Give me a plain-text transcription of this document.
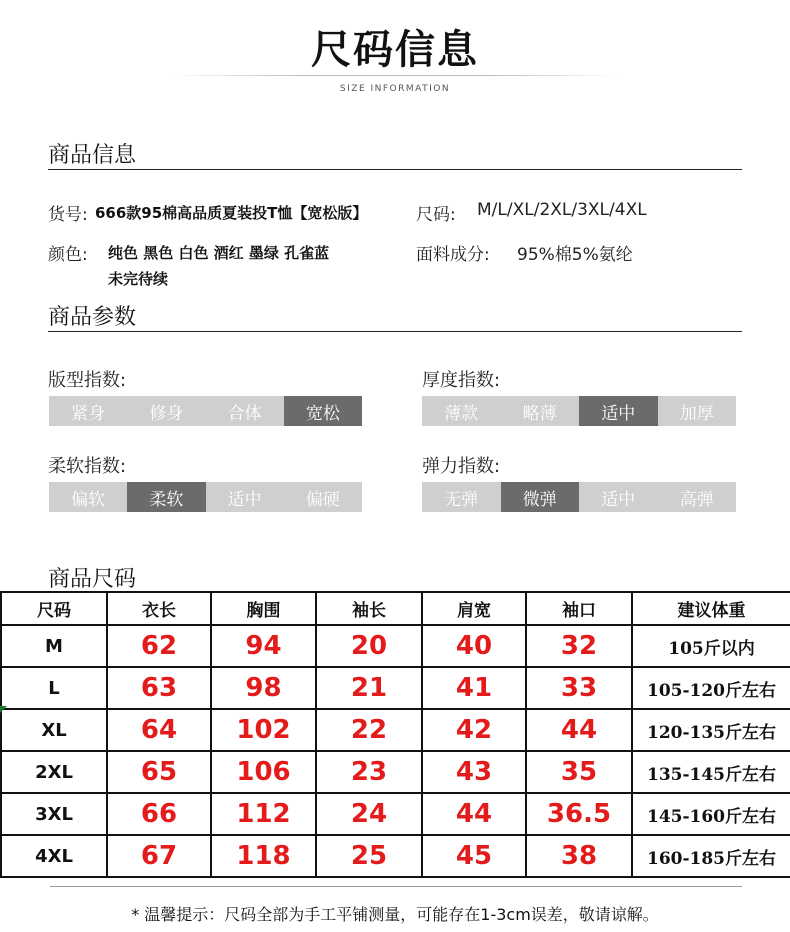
尺码信息
SIZE INFORMATION
商品信息
货号: 666款95棉高品质夏装投T恤【宽松版】	尺码: M/L/XL/2XL/3XL/4XL
颜色: 纯色 黑色 白色 酒红 墨绿 孔雀蓝
未完待续
面料成分: 95%棉5%氨纶
商品参数
版型指数:
紧身	修身	合体	宽松
厚度指数:
薄款	略薄	适中	加厚
柔软指数:
偏软	柔软	适中	偏硬
弹力指数:
无弹	微弹	适中	高弹
商品尺码
尺码	衣长	胸围	袖长	肩宽	袖口	建议体重
M	62	94	20	40	32	105斤以内
L	63	98	21	41	33	105-120斤左右
XL	64	102	22	42	44	120-135斤左右
2XL	65	106	23	43	35	135-145斤左右
3XL	66	112	24	44	36.5	145-160斤左右
4XL	67	118	25	45	38	160-185斤左右
* 温馨提示：尺码全部为手工平铺测量，可能存在1-3cm误差，敬请谅解。
